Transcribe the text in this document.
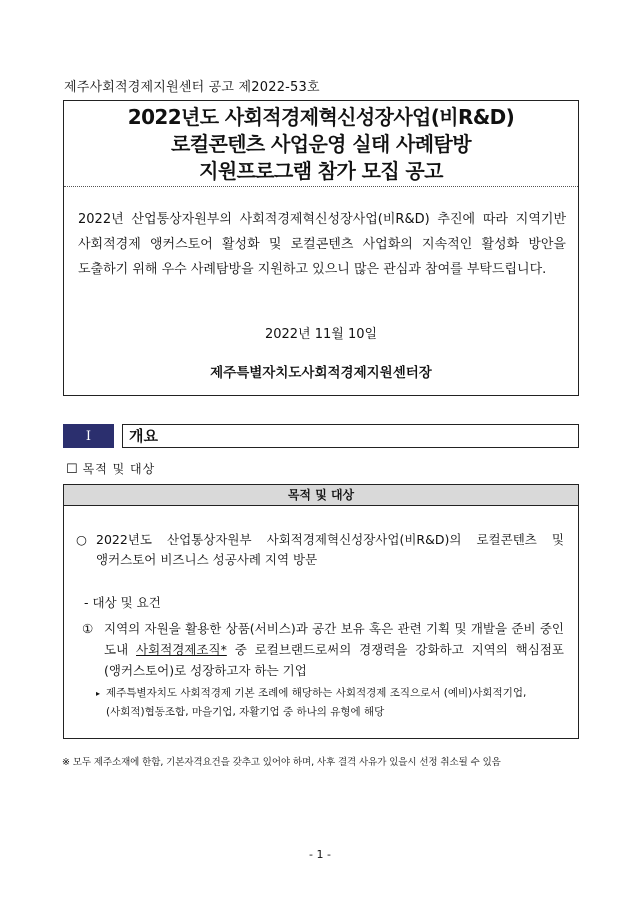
제주사회적경제지원센터 공고 제2022-53호
2022년도 사회적경제혁신성장사업(비R&D)
로컬콘텐츠 사업운영 실태 사례탐방
지원프로그램 참가 모집 공고

2022년 산업통상자원부의 사회적경제혁신성장사업(비R&D) 추진에 따라 지역기반 사회적경제 앵커스토어 활성화 및 로컬콘텐츠 사업화의 지속적인 활성화 방안을 도출하기 위해 우수 사례탐방을 지원하고 있으니 많은 관심과 참여를 부탁드립니다.

2022년 11월 10일
제주특별자치도사회적경제지원센터장
Ⅰ	개요
☐ 목적 및 대상
목적 및 대상
○ 2022년도 산업통상자원부 사회적경제혁신성장사업(비R&D)의 로컬콘텐츠 및 앵커스토어 비즈니스 성공사례 지역 방문
- 대상 및 요건
① 지역의 자원을 활용한 상품(서비스)과 공간 보유 혹은 관련 기획 및 개발을 준비 중인 도내 사회적경제조직* 중 로컬브랜드로써의 경쟁력을 강화하고 지역의 핵심점포(앵커스토어)로 성장하고자 하는 기업
▸ 제주특별자치도 사회적경제 기본 조례에 해당하는 사회적경제 조직으로서 (예비)사회적기업, (사회적)협동조합, 마을기업, 자활기업 중 하나의 유형에 해당
※ 모두 제주소재에 한함, 기본자격요건을 갖추고 있어야 하며, 사후 결격 사유가 있을시 선정 취소될 수 있음
- 1 -
